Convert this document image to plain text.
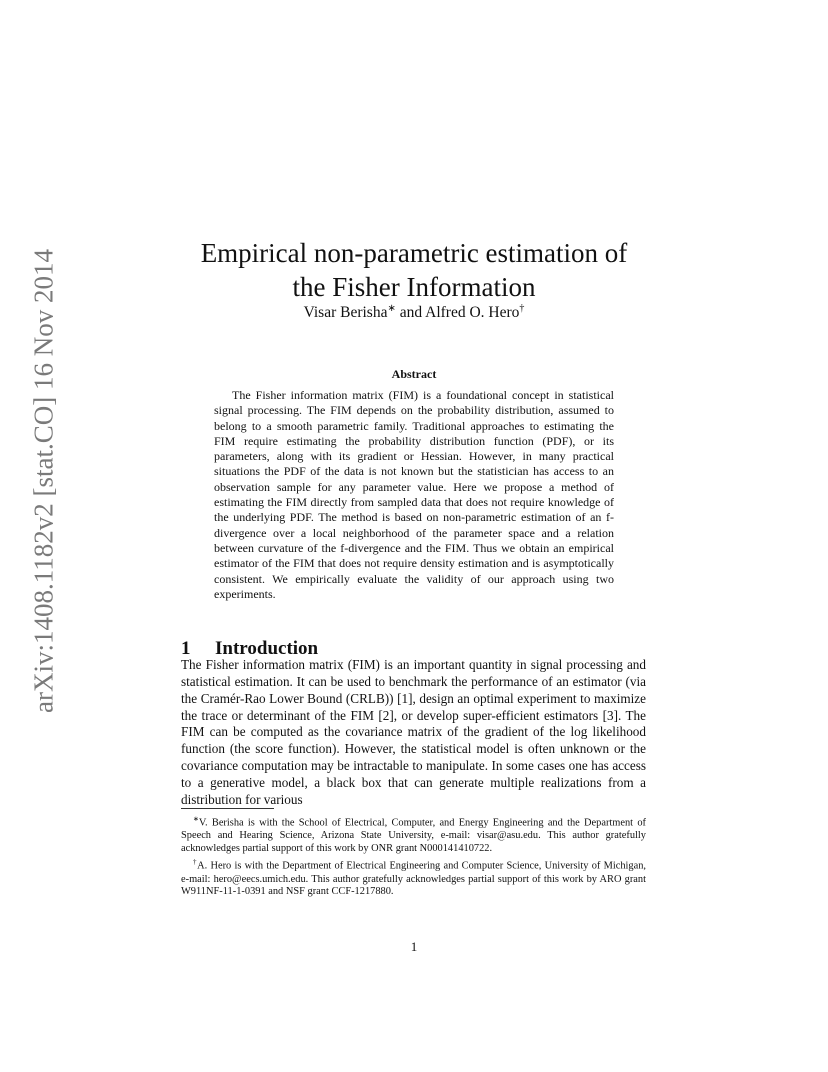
arXiv:1408.1182v2 [stat.CO] 16 Nov 2014	Empirical non-parametric estimation of
the Fisher Information
Visar Berisha∗ and Alfred O. Hero†
Abstract

The Fisher information matrix (FIM) is a foundational concept in statistical signal processing. The FIM depends on the probability distribution, assumed to belong to a smooth parametric family. Traditional approaches to estimating the FIM require estimating the probability distribution function (PDF), or its parameters, along with its gradient or Hessian. However, in many practical situations the PDF of the data is not known but the statistician has access to an observation sample for any parameter value. Here we propose a method of estimating the FIM directly from sampled data that does not require knowledge of the underlying PDF. The method is based on non-parametric estimation of an f-divergence over a local neighborhood of the parameter space and a relation between curvature of the f-divergence and the FIM. Thus we obtain an empirical estimator of the FIM that does not require density estimation and is asymptotically consistent. We empirically evaluate the validity of our approach using two experiments.

1 Introduction

The Fisher information matrix (FIM) is an important quantity in signal processing and statistical estimation. It can be used to benchmark the performance of an estimator (via the Cramér-Rao Lower Bound (CRLB)) [1], design an optimal experiment to maximize the trace or determinant of the FIM [2], or develop super-efficient estimators [3]. The FIM can be computed as the covariance matrix of the gradient of the log likelihood function (the score function). However, the statistical model is often unknown or the covariance computation may be intractable to manipulate. In some cases one has access to a generative model, a black box that can generate multiple realizations from a distribution for various

∗V. Berisha is with the School of Electrical, Computer, and Energy Engineering and the Department of Speech and Hearing Science, Arizona State University, e-mail: visar@asu.edu. This author gratefully acknowledges partial support of this work by ONR grant N000141410722.

†A. Hero is with the Department of Electrical Engineering and Computer Science, University of Michigan, e-mail: hero@eecs.umich.edu. This author gratefully acknowledges partial support of this work by ARO grant W911NF-11-1-0391 and NSF grant CCF-1217880.

1
